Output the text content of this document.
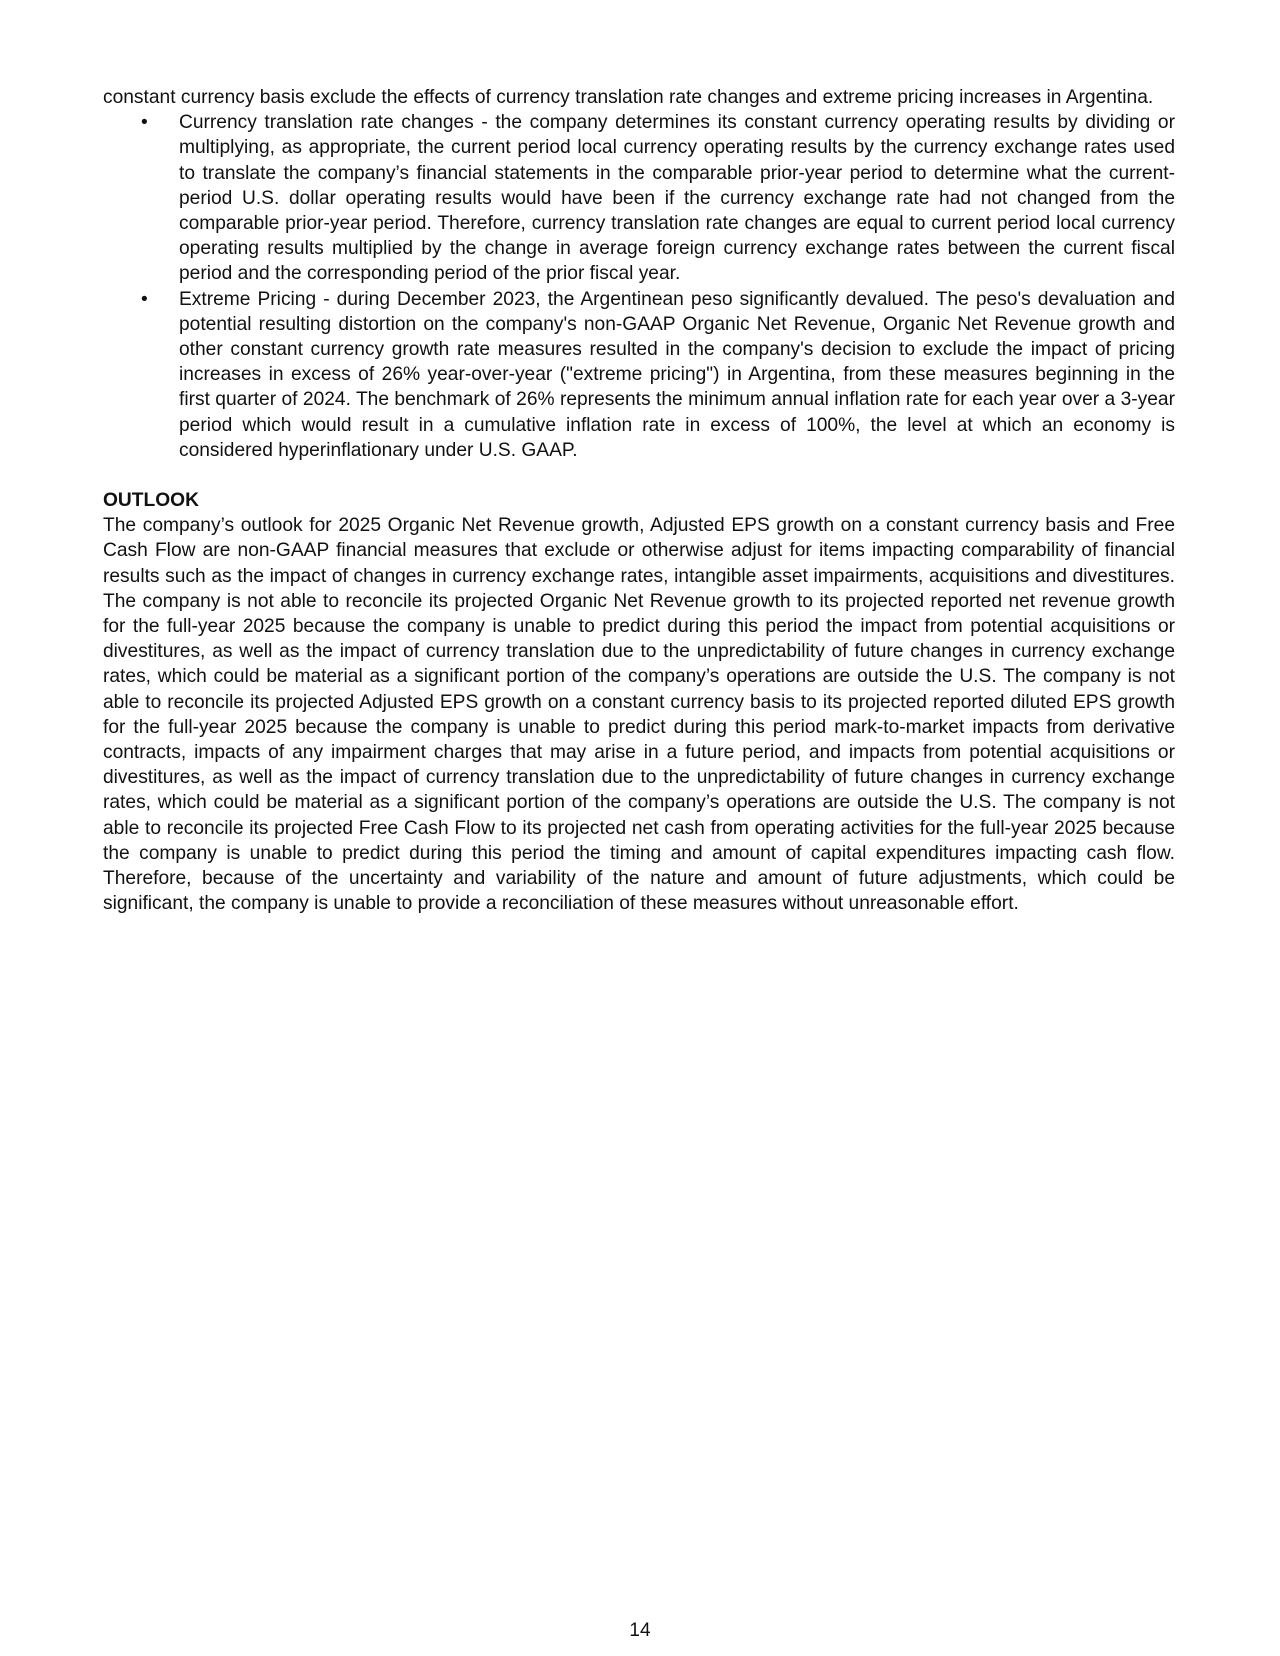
constant currency basis exclude the effects of currency translation rate changes and extreme pricing increases in Argentina.

• Currency translation rate changes - the company determines its constant currency operating results by dividing or multiplying, as appropriate, the current period local currency operating results by the currency exchange rates used to translate the company’s financial statements in the comparable prior-year period to determine what the current-period U.S. dollar operating results would have been if the currency exchange rate had not changed from the comparable prior-year period. Therefore, currency translation rate changes are equal to current period local currency operating results multiplied by the change in average foreign currency exchange rates between the current fiscal period and the corresponding period of the prior fiscal year.
• Extreme Pricing - during December 2023, the Argentinean peso significantly devalued. The peso's devaluation and potential resulting distortion on the company's non-GAAP Organic Net Revenue, Organic Net Revenue growth and other constant currency growth rate measures resulted in the company's decision to exclude the impact of pricing increases in excess of 26% year-over-year ("extreme pricing") in Argentina, from these measures beginning in the first quarter of 2024. The benchmark of 26% represents the minimum annual inflation rate for each year over a 3-year period which would result in a cumulative inflation rate in excess of 100%, the level at which an economy is considered hyperinflationary under U.S. GAAP.
OUTLOOK

The company’s outlook for 2025 Organic Net Revenue growth, Adjusted EPS growth on a constant currency basis and Free Cash Flow are non-GAAP financial measures that exclude or otherwise adjust for items impacting comparability of financial results such as the impact of changes in currency exchange rates, intangible asset impairments, acquisitions and divestitures. The company is not able to reconcile its projected Organic Net Revenue growth to its projected reported net revenue growth for the full-year 2025 because the company is unable to predict during this period the impact from potential acquisitions or divestitures, as well as the impact of currency translation due to the unpredictability of future changes in currency exchange rates, which could be material as a significant portion of the company’s operations are outside the U.S. The company is not able to reconcile its projected Adjusted EPS growth on a constant currency basis to its projected reported diluted EPS growth for the full-year 2025 because the company is unable to predict during this period mark-to-market impacts from derivative contracts, impacts of any impairment charges that may arise in a future period, and impacts from potential acquisitions or divestitures, as well as the impact of currency translation due to the unpredictability of future changes in currency exchange rates, which could be material as a significant portion of the company’s operations are outside the U.S. The company is not able to reconcile its projected Free Cash Flow to its projected net cash from operating activities for the full-year 2025 because the company is unable to predict during this period the timing and amount of capital expenditures impacting cash flow. Therefore, because of the uncertainty and variability of the nature and amount of future adjustments, which could be significant, the company is unable to provide a reconciliation of these measures without unreasonable effort.

14
